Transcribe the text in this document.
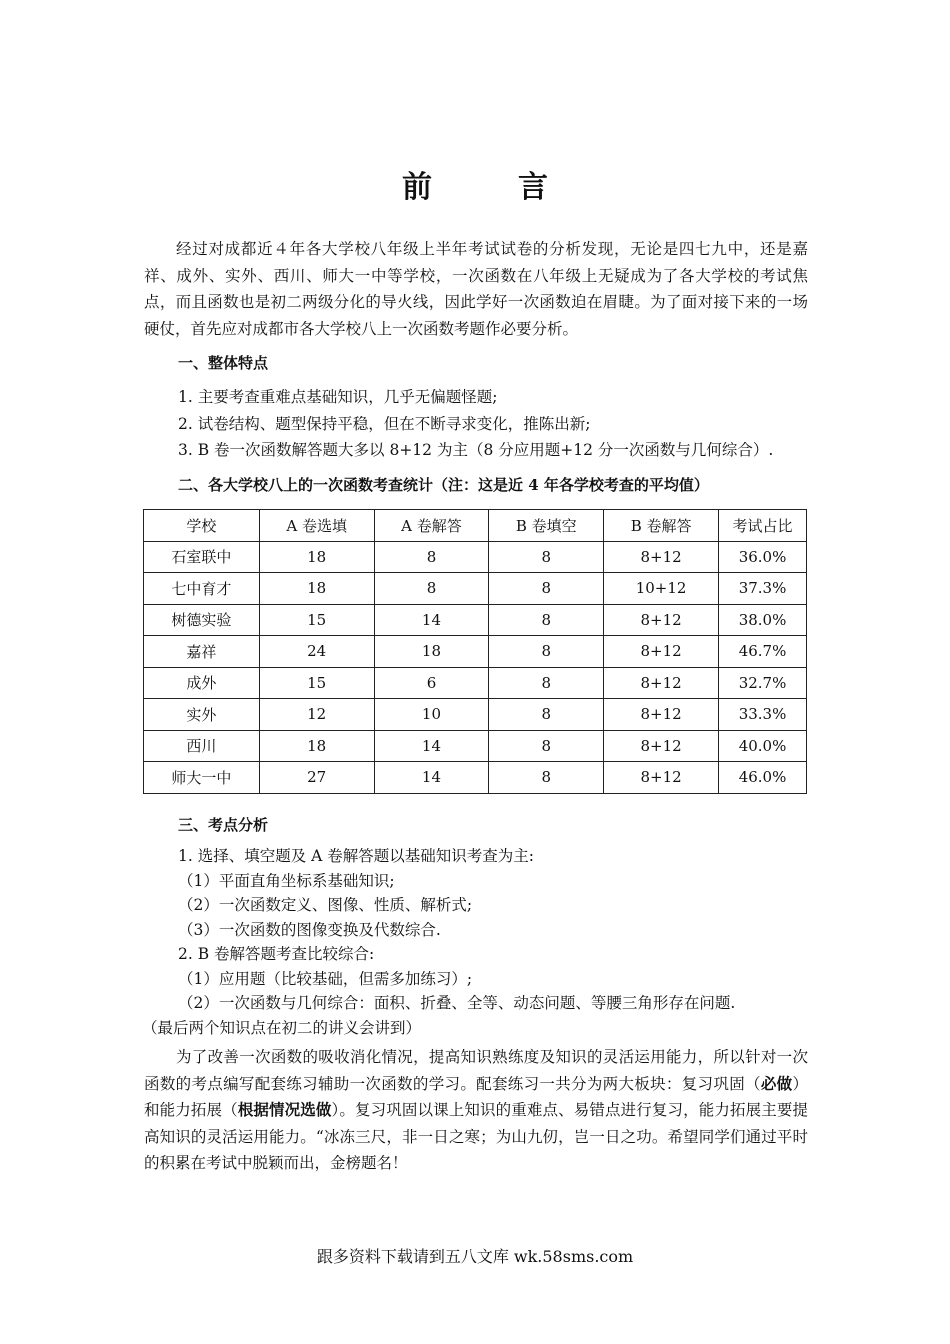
前　言

经过对成都近４年各大学校八年级上半年考试试卷的分析发现，无论是四七九中，还是嘉祥、成外、实外、西川、师大一中等学校，一次函数在八年级上无疑成为了各大学校的考试焦点，而且函数也是初二两级分化的导火线，因此学好一次函数迫在眉睫。为了面对接下来的一场硬仗，首先应对成都市各大学校八上一次函数考题作必要分析。

一、整体特点
1. 主要考查重难点基础知识，几乎无偏题怪题;
2. 试卷结构、题型保持平稳，但在不断寻求变化，推陈出新;
3. B 卷一次函数解答题大多以 8+12 为主（8 分应用题+12 分一次函数与几何综合）.
二、各大学校八上的一次函数考查统计（注：这是近 4 年各学校考查的平均值）
学校	A 卷选填	A 卷解答	B 卷填空	B 卷解答	考试占比
石室联中	18	8	8	8+12	36.0%
七中育才	18	8	8	10+12	37.3%
树德实验	15	14	8	8+12	38.0%
嘉祥	24	18	8	8+12	46.7%
成外	15	6	8	8+12	32.7%
实外	12	10	8	8+12	33.3%
西川	18	14	8	8+12	40.0%
师大一中	27	14	8	8+12	46.0%
三、考点分析
1. 选择、填空题及 A 卷解答题以基础知识考查为主:
（1）平面直角坐标系基础知识;
（2）一次函数定义、图像、性质、解析式;
（3）一次函数的图像变换及代数综合.
2. B 卷解答题考查比较综合:
（1）应用题（比较基础，但需多加练习）;
（2）一次函数与几何综合：面积、折叠、全等、动态问题、等腰三角形存在问题.
（最后两个知识点在初二的讲义会讲到）

为了改善一次函数的吸收消化情况，提高知识熟练度及知识的灵活运用能力，所以针对一次函数的考点编写配套练习辅助一次函数的学习。配套练习一共分为两大板块：复习巩固（必做）和能力拓展（根据情况选做）。复习巩固以课上知识的重难点、易错点进行复习，能力拓展主要提高知识的灵活运用能力。“冰冻三尺，非一日之寒；为山九仞，岂一日之功。希望同学们通过平时的积累在考试中脱颖而出，金榜题名！

跟多资料下载请到五八文库 wk.58sms.com
